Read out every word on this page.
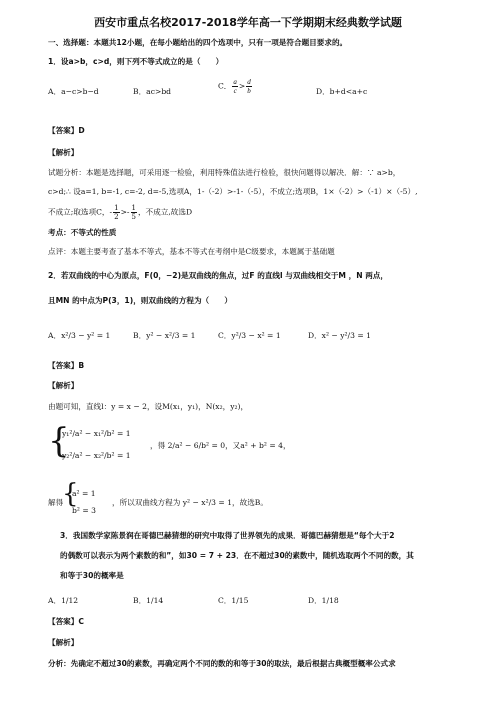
西安市重点名校2017-2018学年高一下学期期末经典数学试题
一、选择题：本题共12小题，在每小题给出的四个选项中，只有一项是符合题目要求的。
1．设a>b，c>d，则下列不等式成立的是（　　）
A．a−c>b−d	B．ac>bd
C． $\frac{a}{c} > \frac{d}{b}$	D．b+d<a+c
【答案】D
【解析】
试题分析：本题是选择题，可采用逐一检验，利用特殊值法进行检验，很快问题得以解决．解：∵ a>b，
c>d;∴ 设a=1, b=-1, c=-2, d=-5,选项A，1-（-2）>-1-（-5），不成立;选项B，1×（-2）>（-1）×（-5）,
不成立;取选项C，- $\frac{1}{2} >- \frac{1}{5}$ ，不成立,故选D
考点：不等式的性质
点评：本题主要考查了基本不等式，基本不等式在考纲中是C级要求，本题属于基础题
2．若双曲线的中心为原点，F(0，−2)是双曲线的焦点，过F 的直线l 与双曲线相交于M ，N 两点，
且MN 的中点为P(3，1)，则双曲线的方程为（　　）
A．x²/3 − y² = 1	B．y² − x²/3 = 1	C．y²/3 − x² = 1	D．x² − y²/3 = 1
【答案】B
【解析】
由题可知，直线l：y = x − 2，设M(x₁，y₁)，N(x₂，y₂)，
{
y₁²/a² − x₁²/b² = 1
y₂²/a² − x₂²/b² = 1
，得 2/a² − 6/b² = 0，又a² + b² = 4，
解得
{
a² = 1
b² = 3
，所以双曲线方程为 y² − x²/3 = 1，故选B。
3．我国数学家陈景润在哥德巴赫猜想的研究中取得了世界领先的成果．哥德巴赫猜想是“每个大于2
的偶数可以表示为两个素数的和”，如30 = 7 + 23．在不超过30的素数中，随机选取两个不同的数，其
和等于30的概率是
A．1/12	B．1/14	C．1/15	D．1/18
【答案】C
【解析】
分析：先确定不超过30的素数，再确定两个不同的数的和等于30的取法，最后根据古典概型概率公式求
